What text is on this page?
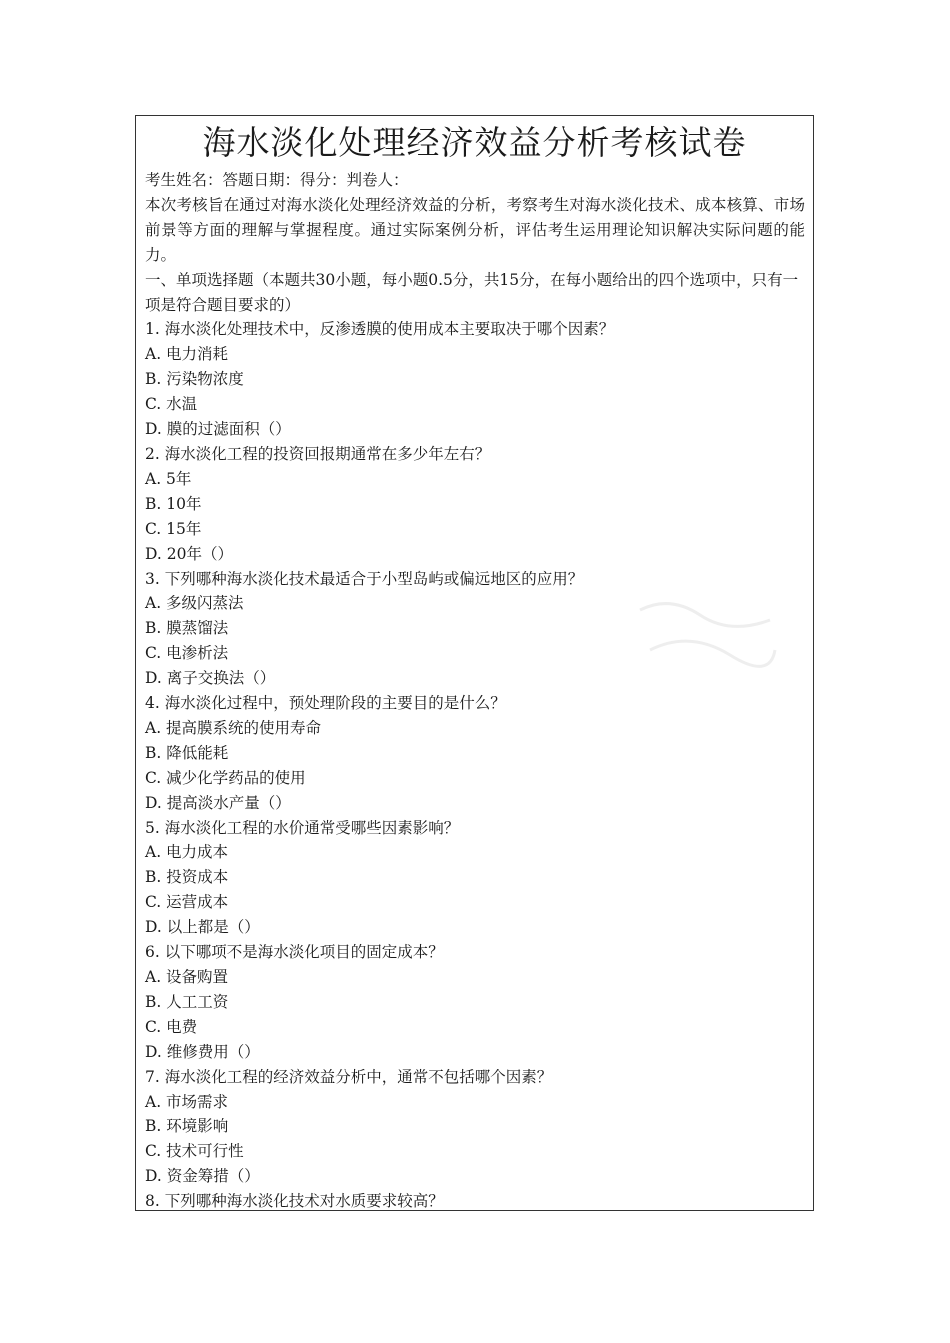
海水淡化处理经济效益分析考核试卷
考生姓名：答题日期：得分：判卷人：
本次考核旨在通过对海水淡化处理经济效益的分析，考察考生对海水淡化技术、成本核算、市场前景等方面的理解与掌握程度。通过实际案例分析，评估考生运用理论知识解决实际问题的能力。
一、单项选择题（本题共30小题，每小题0.5分，共15分，在每小题给出的四个选项中，只有一项是符合题目要求的）
1. 海水淡化处理技术中，反渗透膜的使用成本主要取决于哪个因素？
A. 电力消耗
B. 污染物浓度
C. 水温
D. 膜的过滤面积（）
2. 海水淡化工程的投资回报期通常在多少年左右？
A. 5年
B. 10年
C. 15年
D. 20年（）
3. 下列哪种海水淡化技术最适合于小型岛屿或偏远地区的应用？
A. 多级闪蒸法
B. 膜蒸馏法
C. 电渗析法
D. 离子交换法（）
4. 海水淡化过程中，预处理阶段的主要目的是什么？
A. 提高膜系统的使用寿命
B. 降低能耗
C. 减少化学药品的使用
D. 提高淡水产量（）
5. 海水淡化工程的水价通常受哪些因素影响？
A. 电力成本
B. 投资成本
C. 运营成本
D. 以上都是（）
6. 以下哪项不是海水淡化项目的固定成本？
A. 设备购置
B. 人工工资
C. 电费
D. 维修费用（）
7. 海水淡化工程的经济效益分析中，通常不包括哪个因素？
A. 市场需求
B. 环境影响
C. 技术可行性
D. 资金筹措（）
8. 下列哪种海水淡化技术对水质要求较高？
